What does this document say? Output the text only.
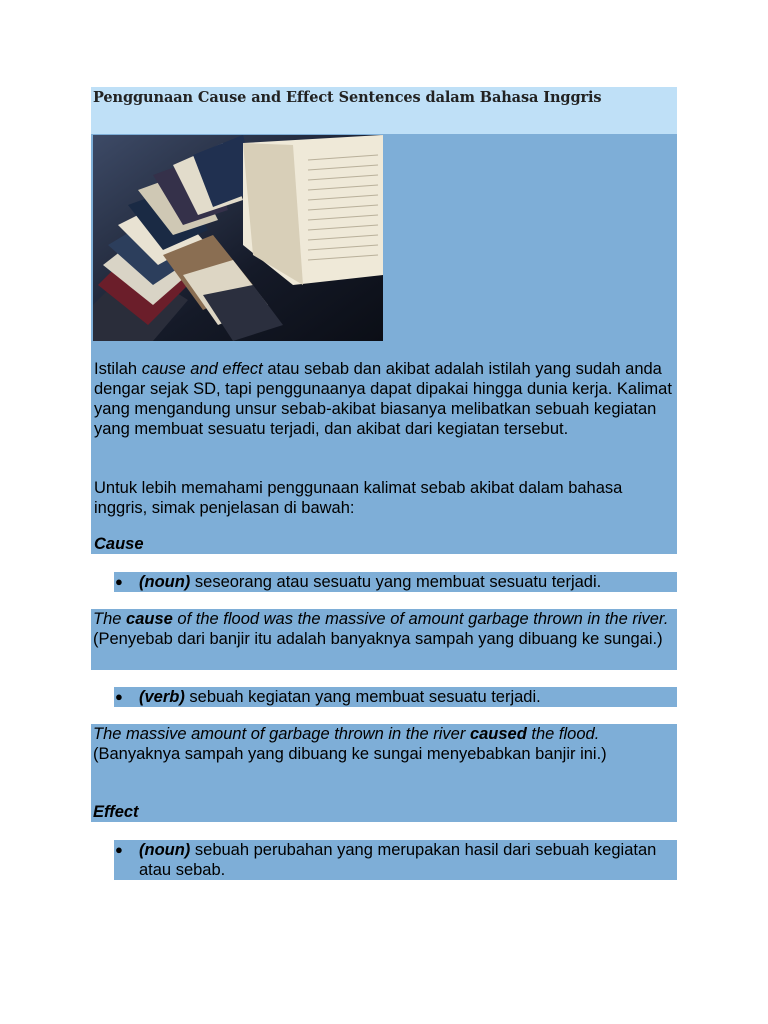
Penggunaan Cause and Effect Sentences dalam Bahasa Inggris
Istilah cause and effect atau sebab dan akibat adalah istilah yang sudah anda dengar sejak SD, tapi penggunaanya dapat dipakai hingga dunia kerja. Kalimat yang mengandung unsur sebab-akibat biasanya melibatkan sebuah kegiatan yang membuat sesuatu terjadi, dan akibat dari kegiatan tersebut.
Untuk lebih memahami penggunaan kalimat sebab akibat dalam bahasa inggris, simak penjelasan di bawah:
Cause
● (noun) seseorang atau sesuatu yang membuat sesuatu terjadi.
The cause of the flood was the massive of amount garbage thrown in the river. (Penyebab dari banjir itu adalah banyaknya sampah yang dibuang ke sungai.)
● (verb) sebuah kegiatan yang membuat sesuatu terjadi.
The massive amount of garbage thrown in the river caused the flood. (Banyaknya sampah yang dibuang ke sungai menyebabkan banjir ini.)
Effect
● (noun) sebuah perubahan yang merupakan hasil dari sebuah kegiatan atau sebab.
